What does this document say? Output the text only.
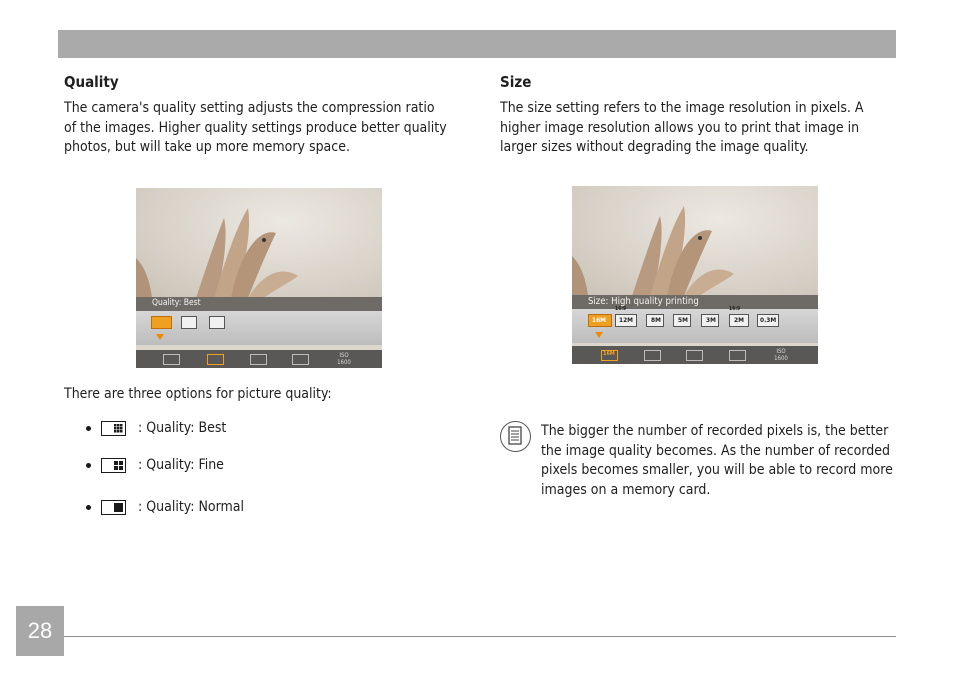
Quality
The camera's quality setting adjusts the compression ratio
of the images. Higher quality settings produce better quality
photos, but will take up more memory space.
Quality: Best
ISO
1600
There are three options for picture quality:
: Quality: Best
: Quality: Fine
: Quality: Normal
Size
The size setting refers to the image resolution in pixels. A
higher image resolution allows you to print that image in
larger sizes without degrading the image quality.
Size: High quality printing
16M 12M	8M	5M	3M	2M 0.3M
16:9	16:9
16M	ISO
1600
The bigger the number of recorded pixels is, the better
the image quality becomes. As the number of recorded
pixels becomes smaller, you will be able to record more
images on a memory card.
28
